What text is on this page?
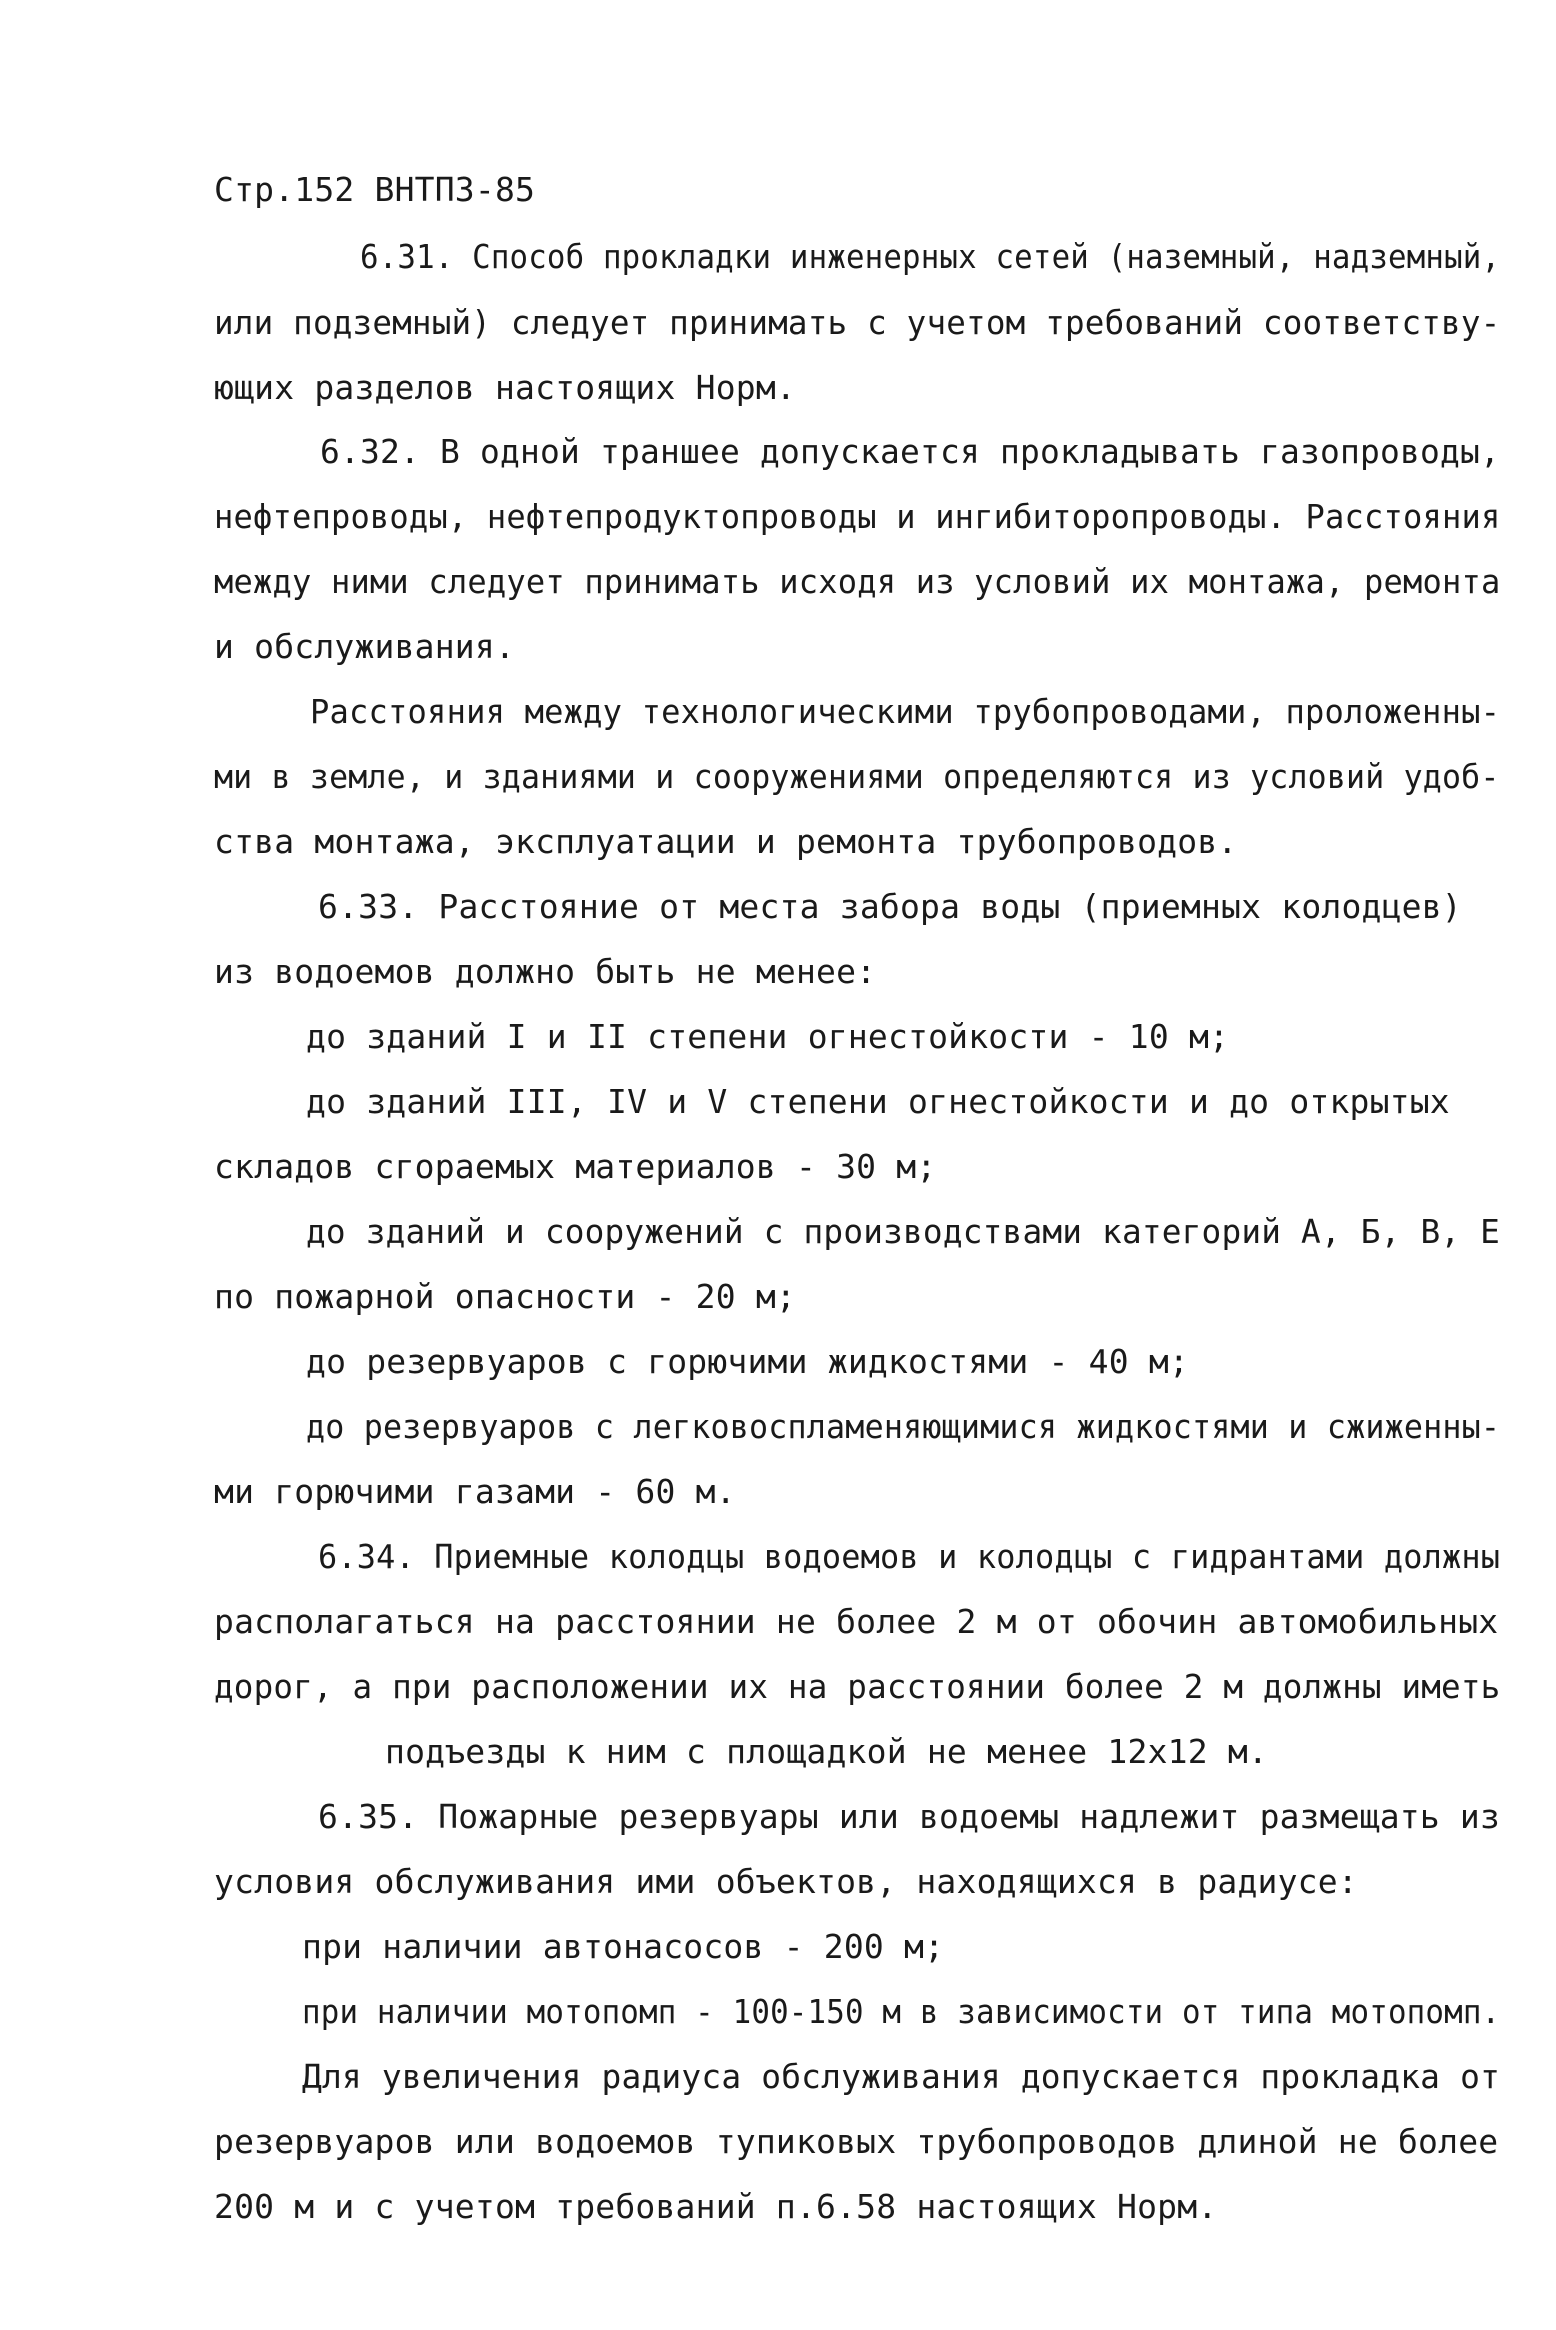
Стр.152 ВНТП3-85
6.31. Способ прокладки инженерных сетей (наземный, надземный,
или подземный) следует принимать с учетом требований соответству-
ющих разделов настоящих Норм.
6.32. В одной траншее допускается прокладывать газопроводы,
нефтепроводы, нефтепродуктопроводы и ингибиторопроводы. Расстояния
между ними следует принимать исходя из условий их монтажа, ремонта
и обслуживания.
Расстояния между технологическими трубопроводами, проложенны-
ми в земле, и зданиями и сооружениями определяются из условий удоб-
ства монтажа, эксплуатации и ремонта трубопроводов.
6.33. Расстояние от места забора воды (приемных колодцев)
из водоемов должно быть не менее:
до зданий I и II степени огнестойкости - 10 м;
до зданий III, IV и V степени огнестойкости и до открытых
складов сгораемых материалов - 30 м;
до зданий и сооружений с производствами категорий А, Б, В, Е
по пожарной опасности - 20 м;
до резервуаров с горючими жидкостями - 40 м;
до резервуаров с легковоспламеняющимися жидкостями и сжиженны-
ми горючими газами - 60 м.
6.34. Приемные колодцы водоемов и колодцы с гидрантами должны
располагаться на расстоянии не более 2 м от обочин автомобильных
дорог, а при расположении их на расстоянии более 2 м должны иметь
подъезды к ним с площадкой не менее 12х12 м.
6.35. Пожарные резервуары или водоемы надлежит размещать из
условия обслуживания ими объектов, находящихся в радиусе:
при наличии автонасосов - 200 м;
при наличии мотопомп - 100-150 м в зависимости от типа мотопомп.
Для увеличения радиуса обслуживания допускается прокладка от
резервуаров или водоемов тупиковых трубопроводов длиной не более
200 м и с учетом требований п.6.58 настоящих Норм.
